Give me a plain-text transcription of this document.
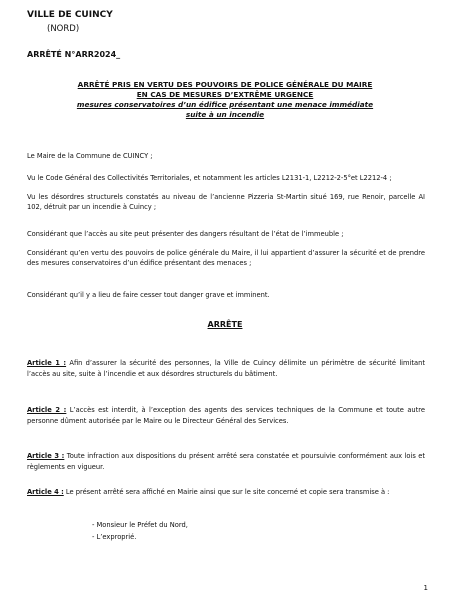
VILLE DE CUINCY
(NORD)
ARRÊTÉ N°ARR2024_
ARRÊTÉ PRIS EN VERTU DES POUVOIRS DE POLICE GÉNÉRALE DU MAIRE
EN CAS DE MESURES D’EXTRÊME URGENCE
mesures conservatoires d’un édifice présentant une menace immédiate
suite à un incendie
Le Maire de la Commune de CUINCY ;
Vu le Code Général des Collectivités Territoriales, et notamment les articles L2131-1, L2212-2-5°et L2212-4 ;
Vu les désordres structurels constatés au niveau de l’ancienne Pizzeria St-Martin situé 169, rue Renoir, parcelle AI 102, détruit par un incendie à Cuincy ;
Considérant que l’accès au site peut présenter des dangers résultant de l’état de l’immeuble ;
Considérant qu’en vertu des pouvoirs de police générale du Maire, il lui appartient d’assurer la sécurité et de prendre des mesures conservatoires d’un édifice présentant des menaces ;
Considérant qu’il y a lieu de faire cesser tout danger grave et imminent.
ARRÊTE
Article 1 : Afin d’assurer la sécurité des personnes, la Ville de Cuincy délimite un périmètre de sécurité limitant l’accès au site, suite à l’incendie et aux désordres structurels du bâtiment.
Article 2 : L’accès est interdit, à l’exception des agents des services techniques de la Commune et toute autre personne dûment autorisée par le Maire ou le Directeur Général des Services.
Article 3 : Toute infraction aux dispositions du présent arrêté sera constatée et poursuivie conformément aux lois et règlements en vigueur.
Article 4 : Le présent arrêté sera affiché en Mairie ainsi que sur le site concerné et copie sera transmise à :
- Monsieur le Préfet du Nord,
- L’exproprié.
1
